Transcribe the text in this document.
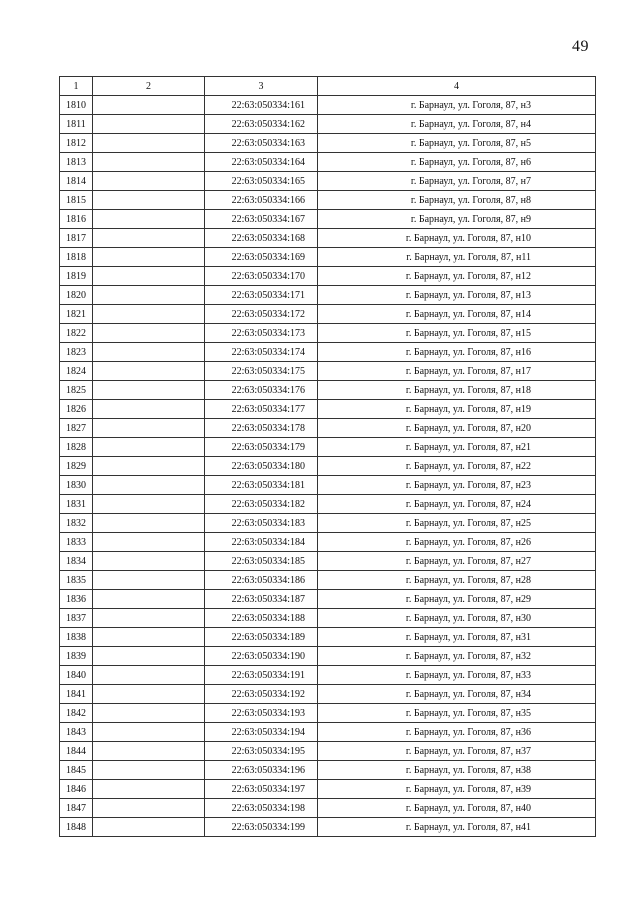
49
1	2	3	4
1810		22:63:050334:161	г. Барнаул, ул. Гоголя, 87, н3
1811		22:63:050334:162	г. Барнаул, ул. Гоголя, 87, н4
1812		22:63:050334:163	г. Барнаул, ул. Гоголя, 87, н5
1813		22:63:050334:164	г. Барнаул, ул. Гоголя, 87, н6
1814		22:63:050334:165	г. Барнаул, ул. Гоголя, 87, н7
1815		22:63:050334:166	г. Барнаул, ул. Гоголя, 87, н8
1816		22:63:050334:167	г. Барнаул, ул. Гоголя, 87, н9
1817		22:63:050334:168	г. Барнаул, ул. Гоголя, 87, н10
1818		22:63:050334:169	г. Барнаул, ул. Гоголя, 87, н11
1819		22:63:050334:170	г. Барнаул, ул. Гоголя, 87, н12
1820		22:63:050334:171	г. Барнаул, ул. Гоголя, 87, н13
1821		22:63:050334:172	г. Барнаул, ул. Гоголя, 87, н14
1822		22:63:050334:173	г. Барнаул, ул. Гоголя, 87, н15
1823		22:63:050334:174	г. Барнаул, ул. Гоголя, 87, н16
1824		22:63:050334:175	г. Барнаул, ул. Гоголя, 87, н17
1825		22:63:050334:176	г. Барнаул, ул. Гоголя, 87, н18
1826		22:63:050334:177	г. Барнаул, ул. Гоголя, 87, н19
1827		22:63:050334:178	г. Барнаул, ул. Гоголя, 87, н20
1828		22:63:050334:179	г. Барнаул, ул. Гоголя, 87, н21
1829		22:63:050334:180	г. Барнаул, ул. Гоголя, 87, н22
1830		22:63:050334:181	г. Барнаул, ул. Гоголя, 87, н23
1831		22:63:050334:182	г. Барнаул, ул. Гоголя, 87, н24
1832		22:63:050334:183	г. Барнаул, ул. Гоголя, 87, н25
1833		22:63:050334:184	г. Барнаул, ул. Гоголя, 87, н26
1834		22:63:050334:185	г. Барнаул, ул. Гоголя, 87, н27
1835		22:63:050334:186	г. Барнаул, ул. Гоголя, 87, н28
1836		22:63:050334:187	г. Барнаул, ул. Гоголя, 87, н29
1837		22:63:050334:188	г. Барнаул, ул. Гоголя, 87, н30
1838		22:63:050334:189	г. Барнаул, ул. Гоголя, 87, н31
1839		22:63:050334:190	г. Барнаул, ул. Гоголя, 87, н32
1840		22:63:050334:191	г. Барнаул, ул. Гоголя, 87, н33
1841		22:63:050334:192	г. Барнаул, ул. Гоголя, 87, н34
1842		22:63:050334:193	г. Барнаул, ул. Гоголя, 87, н35
1843		22:63:050334:194	г. Барнаул, ул. Гоголя, 87, н36
1844		22:63:050334:195	г. Барнаул, ул. Гоголя, 87, н37
1845		22:63:050334:196	г. Барнаул, ул. Гоголя, 87, н38
1846		22:63:050334:197	г. Барнаул, ул. Гоголя, 87, н39
1847		22:63:050334:198	г. Барнаул, ул. Гоголя, 87, н40
1848		22:63:050334:199	г. Барнаул, ул. Гоголя, 87, н41
